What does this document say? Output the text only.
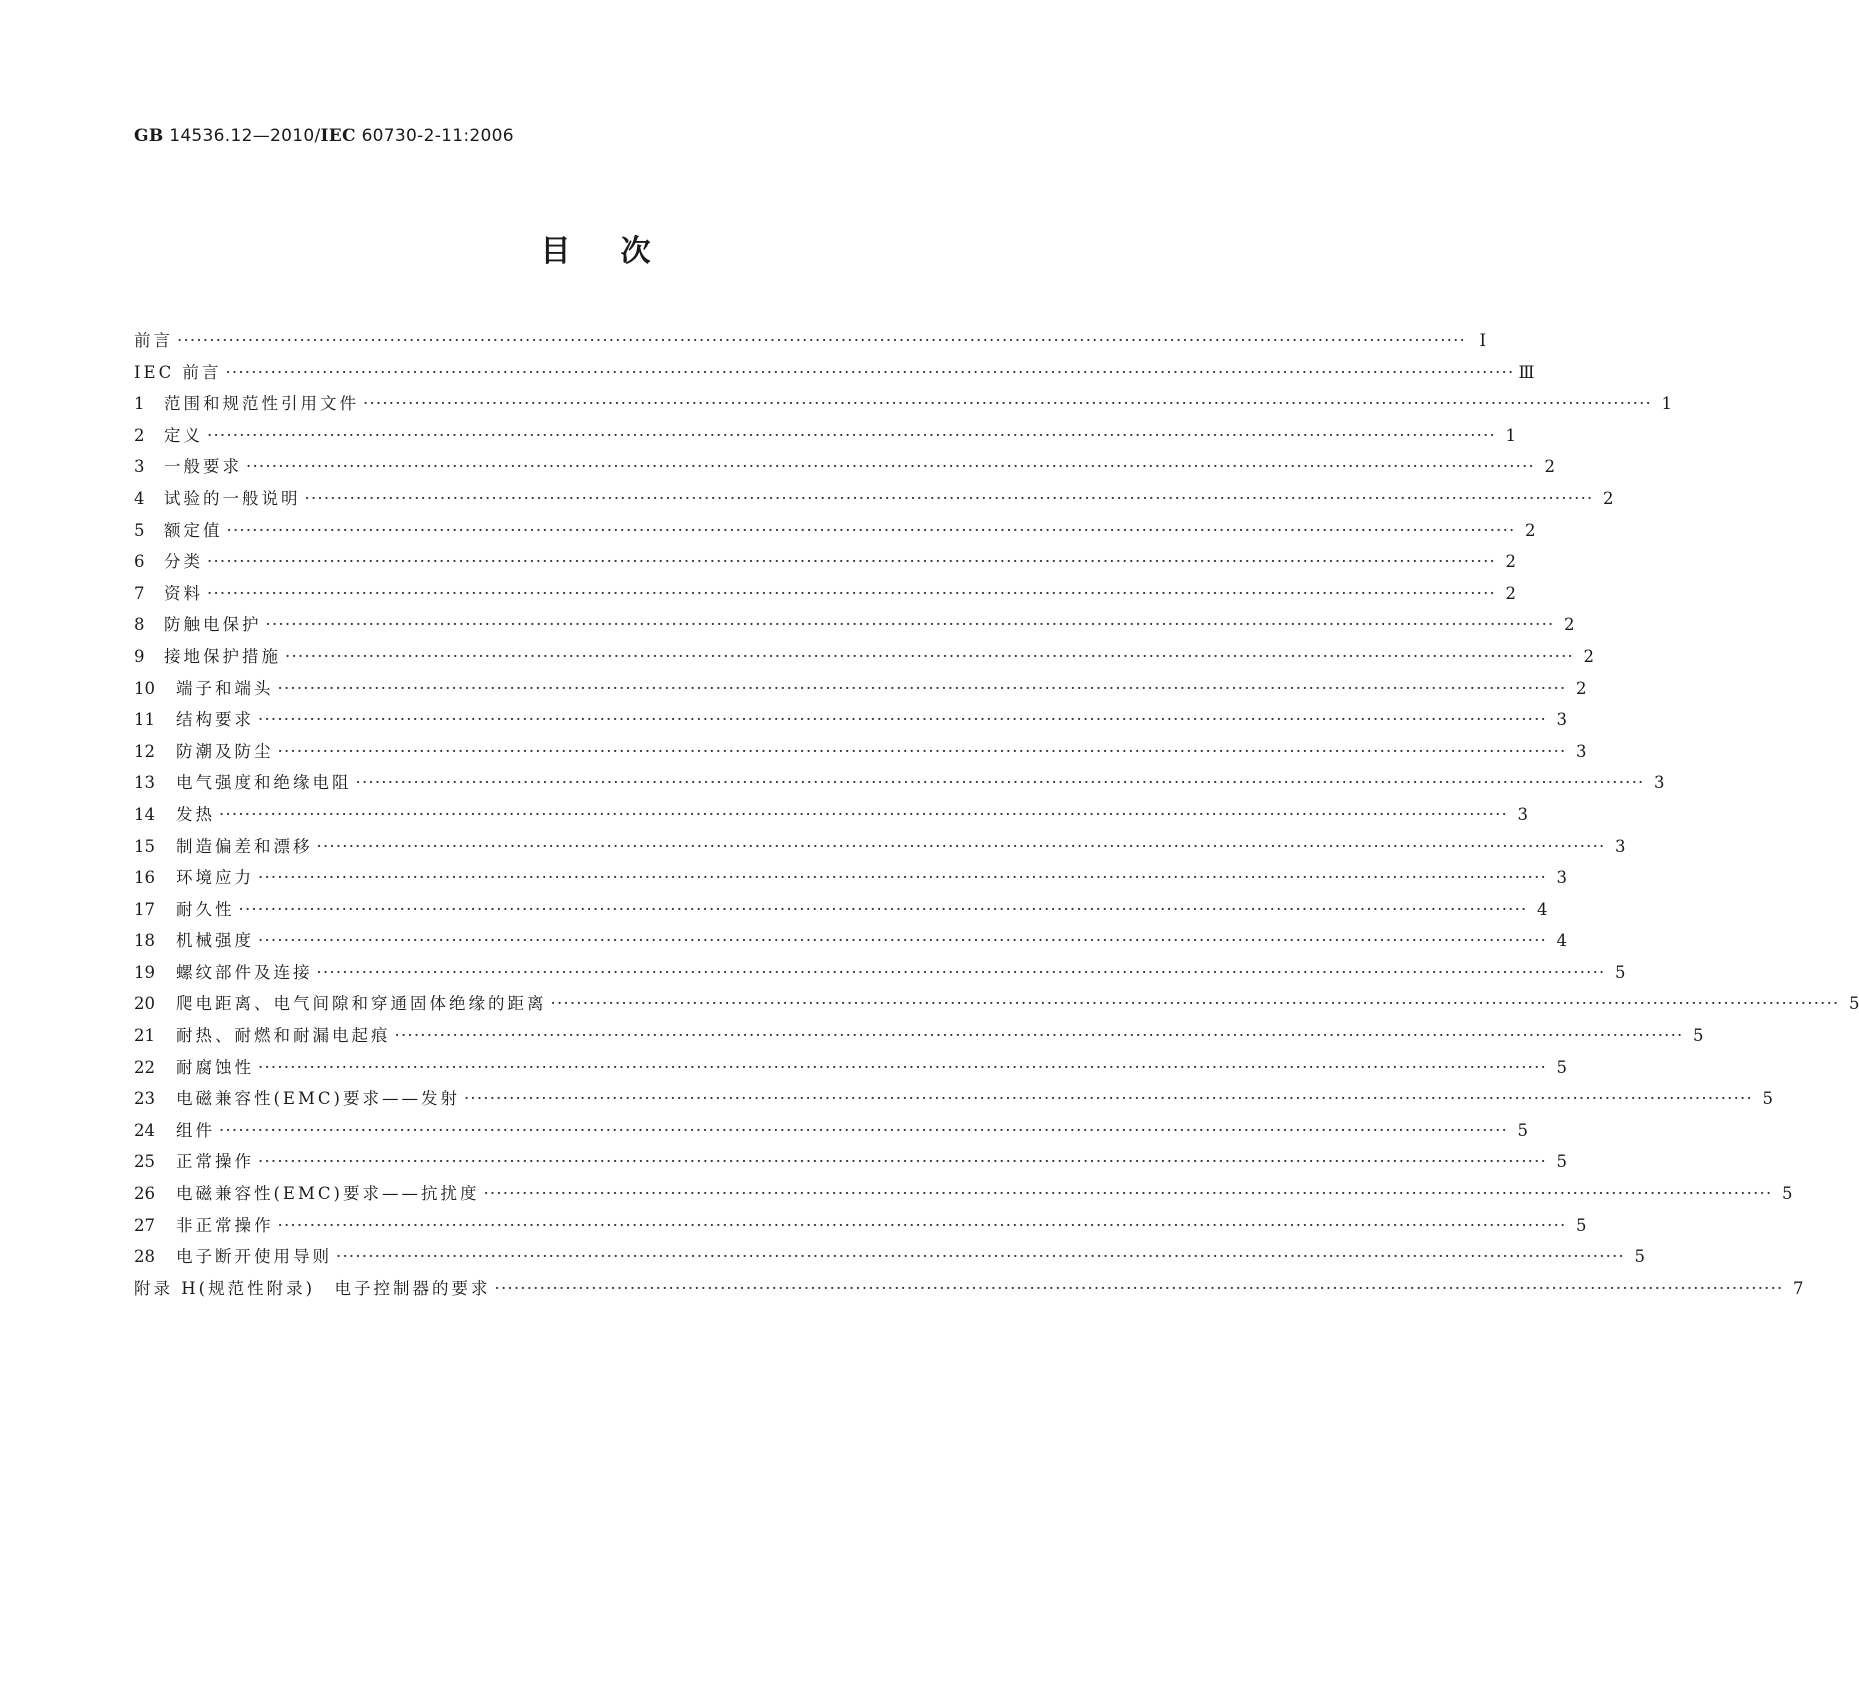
GB 14536.12—2010/IEC 60730-2-11:2006
目次
前言 ········································································································································································································ Ⅰ
IEC 前言 ········································································································································································································ Ⅲ
1	范围和规范性引用文件 ········································································································································································································ 1
2	定义 ········································································································································································································ 1
3	一般要求 ········································································································································································································ 2
4	试验的一般说明 ········································································································································································································ 2
5	额定值 ········································································································································································································ 2
6	分类 ········································································································································································································ 2
7	资料 ········································································································································································································ 2
8	防触电保护 ········································································································································································································ 2
9	接地保护措施 ········································································································································································································ 2
10	端子和端头 ········································································································································································································ 2
11	结构要求 ········································································································································································································ 3
12	防潮及防尘 ········································································································································································································ 3
13	电气强度和绝缘电阻 ········································································································································································································ 3
14	发热 ········································································································································································································ 3
15	制造偏差和漂移 ········································································································································································································ 3
16	环境应力 ········································································································································································································ 3
17	耐久性 ········································································································································································································ 4
18	机械强度 ········································································································································································································ 4
19	螺纹部件及连接 ········································································································································································································ 5
20	爬电距离、电气间隙和穿通固体绝缘的距离 ········································································································································································································ 5
21	耐热、耐燃和耐漏电起痕 ········································································································································································································ 5
22	耐腐蚀性 ········································································································································································································ 5
23	电磁兼容性(EMC)要求——发射 ········································································································································································································ 5
24	组件 ········································································································································································································ 5
25	正常操作 ········································································································································································································ 5
26	电磁兼容性(EMC)要求——抗扰度 ········································································································································································································ 5
27	非正常操作 ········································································································································································································ 5
28	电子断开使用导则 ········································································································································································································ 5
附录 H(规范性附录)　电子控制器的要求 ········································································································································································································ 7
